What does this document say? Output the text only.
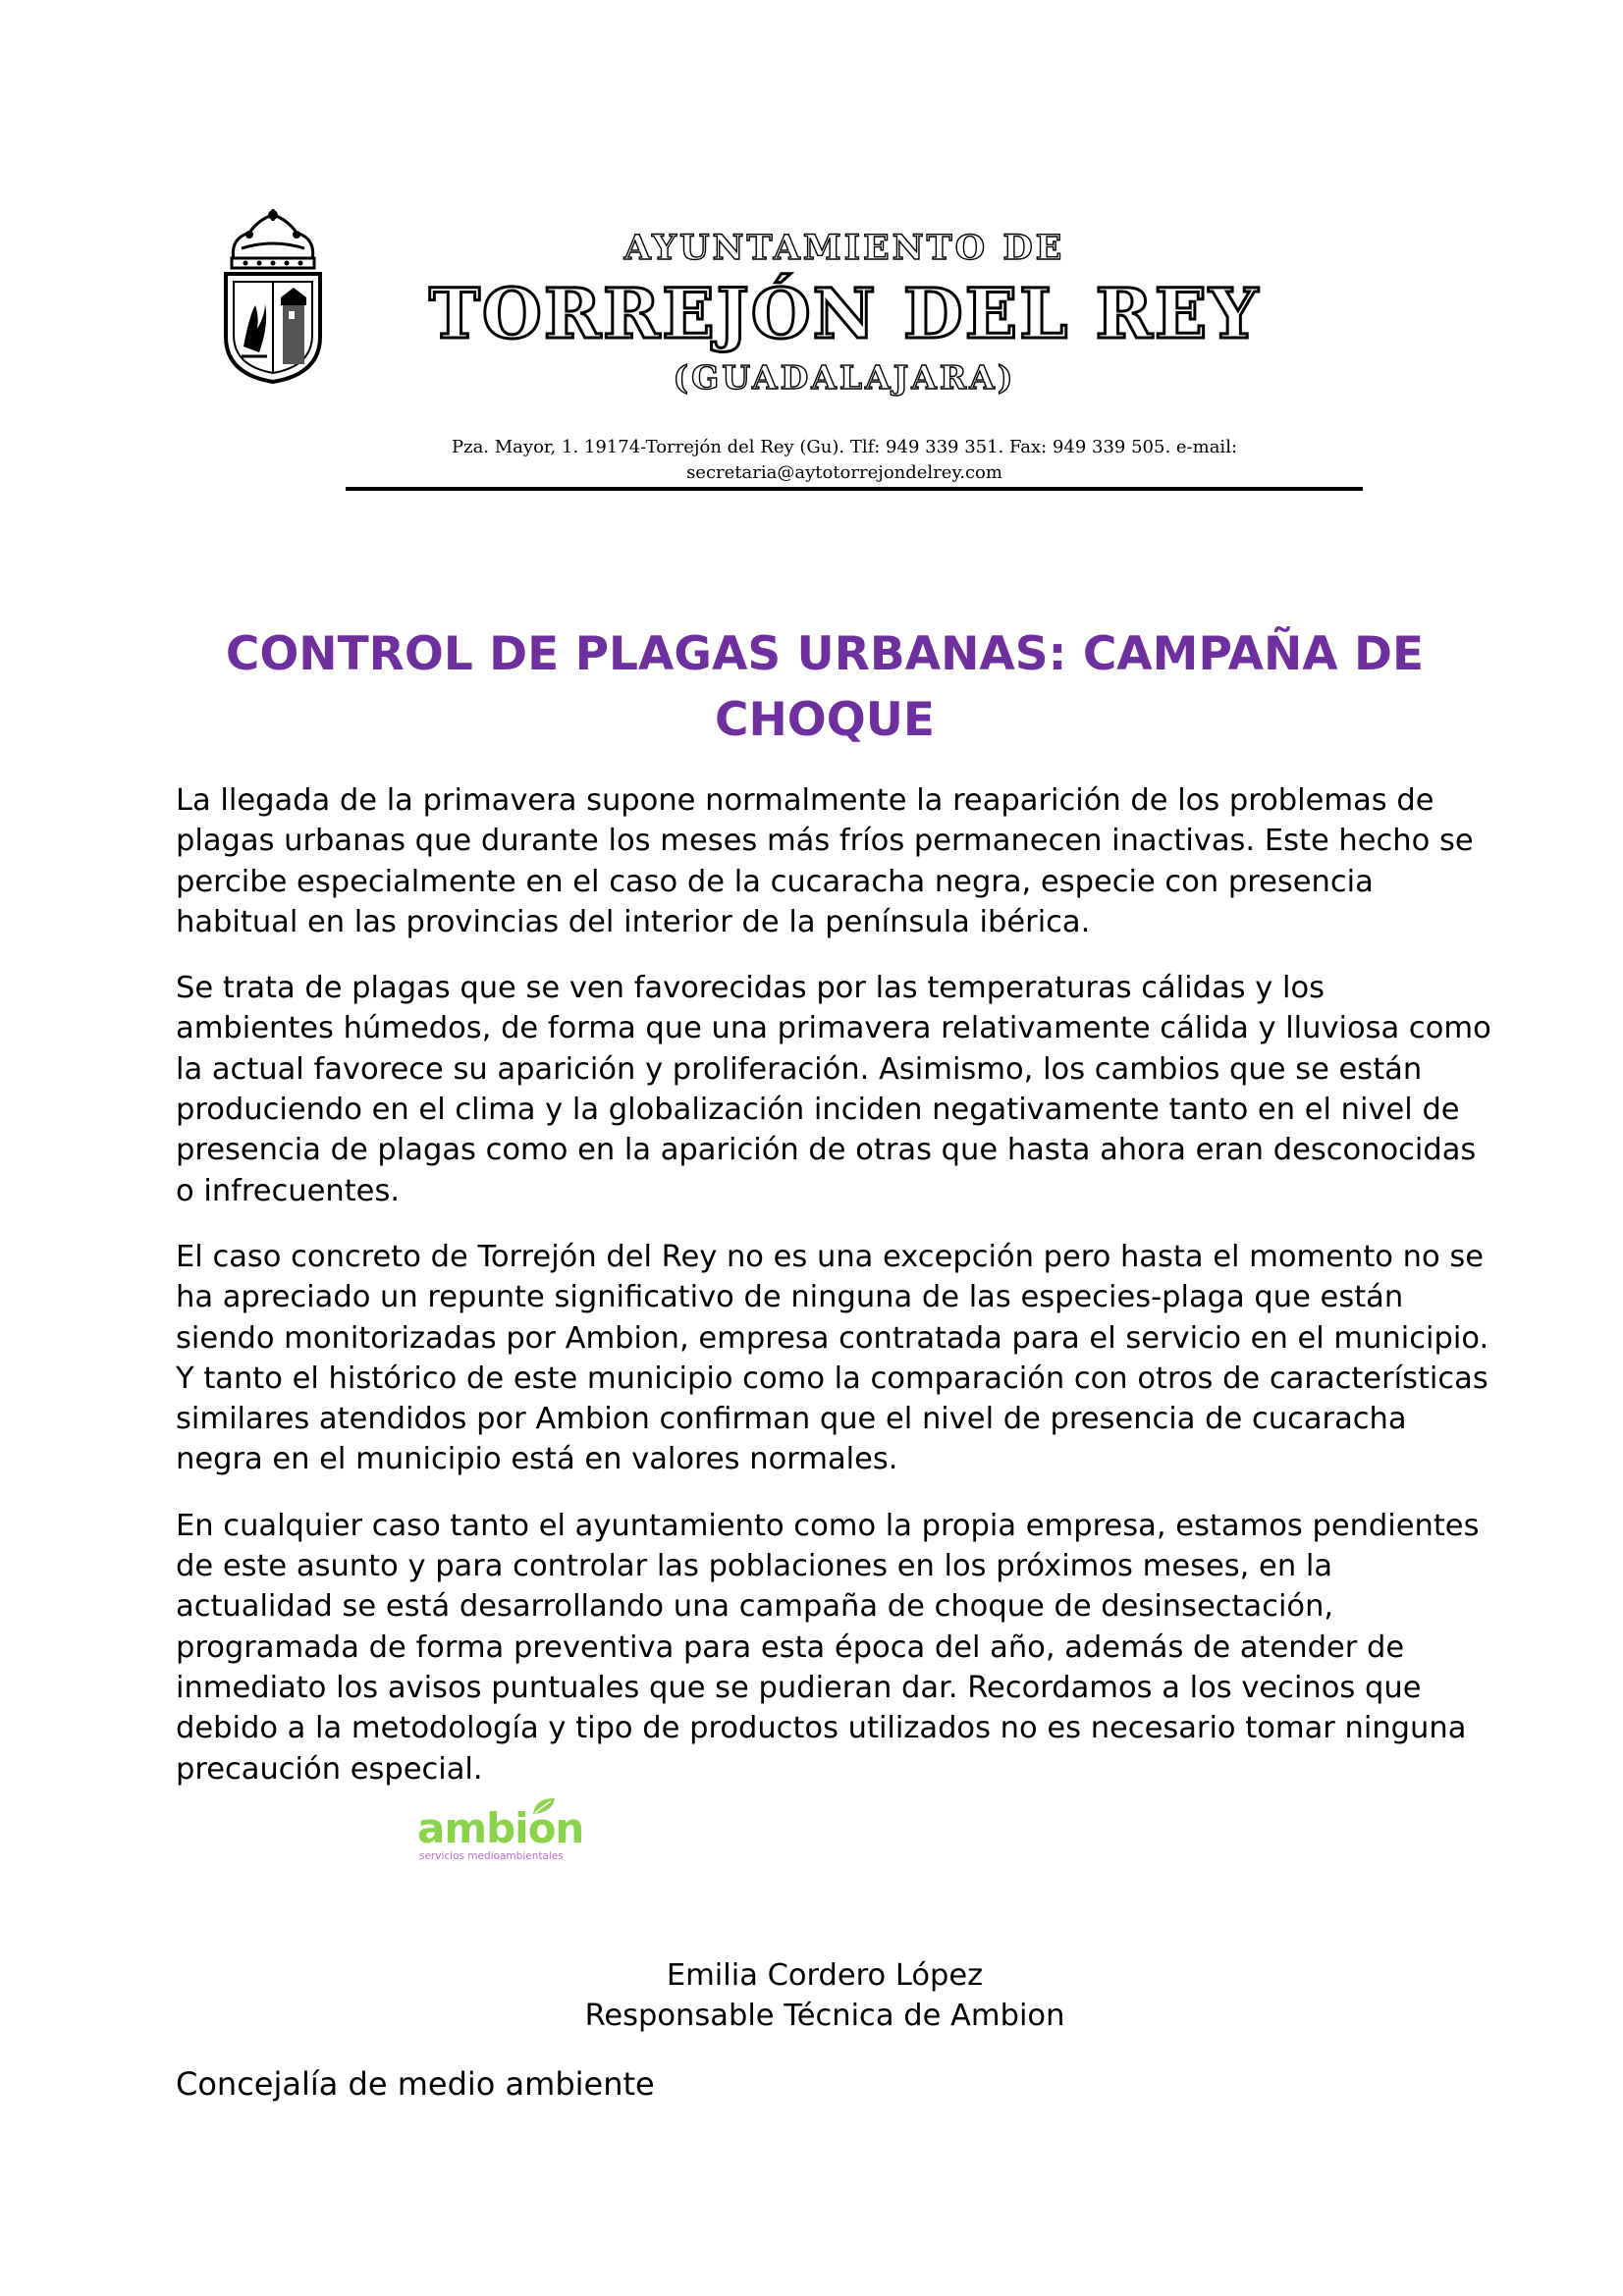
AYUNTAMIENTO DE
TORREJÓN DEL REY
(GUADALAJARA)
Pza. Mayor, 1. 19174-Torrejón del Rey (Gu). Tlf: 949 339 351. Fax: 949 339 505. e-mail:
secretaria@aytotorrejondelrey.com
CONTROL DE PLAGAS URBANAS: CAMPAÑA DE CHOQUE

La llegada de la primavera supone normalmente la reaparición de los problemas de plagas urbanas que durante los meses más fríos permanecen inactivas. Este hecho se percibe especialmente en el caso de la cucaracha negra, especie con presencia habitual en las provincias del interior de la península ibérica.

Se trata de plagas que se ven favorecidas por las temperaturas cálidas y los ambientes húmedos, de forma que una primavera relativamente cálida y lluviosa como la actual favorece su aparición y proliferación. Asimismo, los cambios que se están produciendo en el clima y la globalización inciden negativamente tanto en el nivel de presencia de plagas como en la aparición de otras que hasta ahora eran desconocidas o infrecuentes.

El caso concreto de Torrejón del Rey no es una excepción pero hasta el momento no se ha apreciado un repunte significativo de ninguna de las especies-plaga que están siendo monitorizadas por Ambion, empresa contratada para el servicio en el municipio. Y tanto el histórico de este municipio como la comparación con otros de características similares atendidos por Ambion confirman que el nivel de presencia de cucaracha negra en el municipio está en valores normales.

En cualquier caso tanto el ayuntamiento como la propia empresa, estamos pendientes de este asunto y para controlar las poblaciones en los próximos meses, en la actualidad se está desarrollando una campaña de choque de desinsectación, programada de forma preventiva para esta época del año, además de atender de inmediato los avisos puntuales que se pudieran dar. Recordamos a los vecinos que debido a la metodología y tipo de productos utilizados no es necesario tomar ninguna precaución especial.

ambion
servicios medioambientales
Emilia Cordero López
Responsable Técnica de Ambion
Concejalía de medio ambiente
